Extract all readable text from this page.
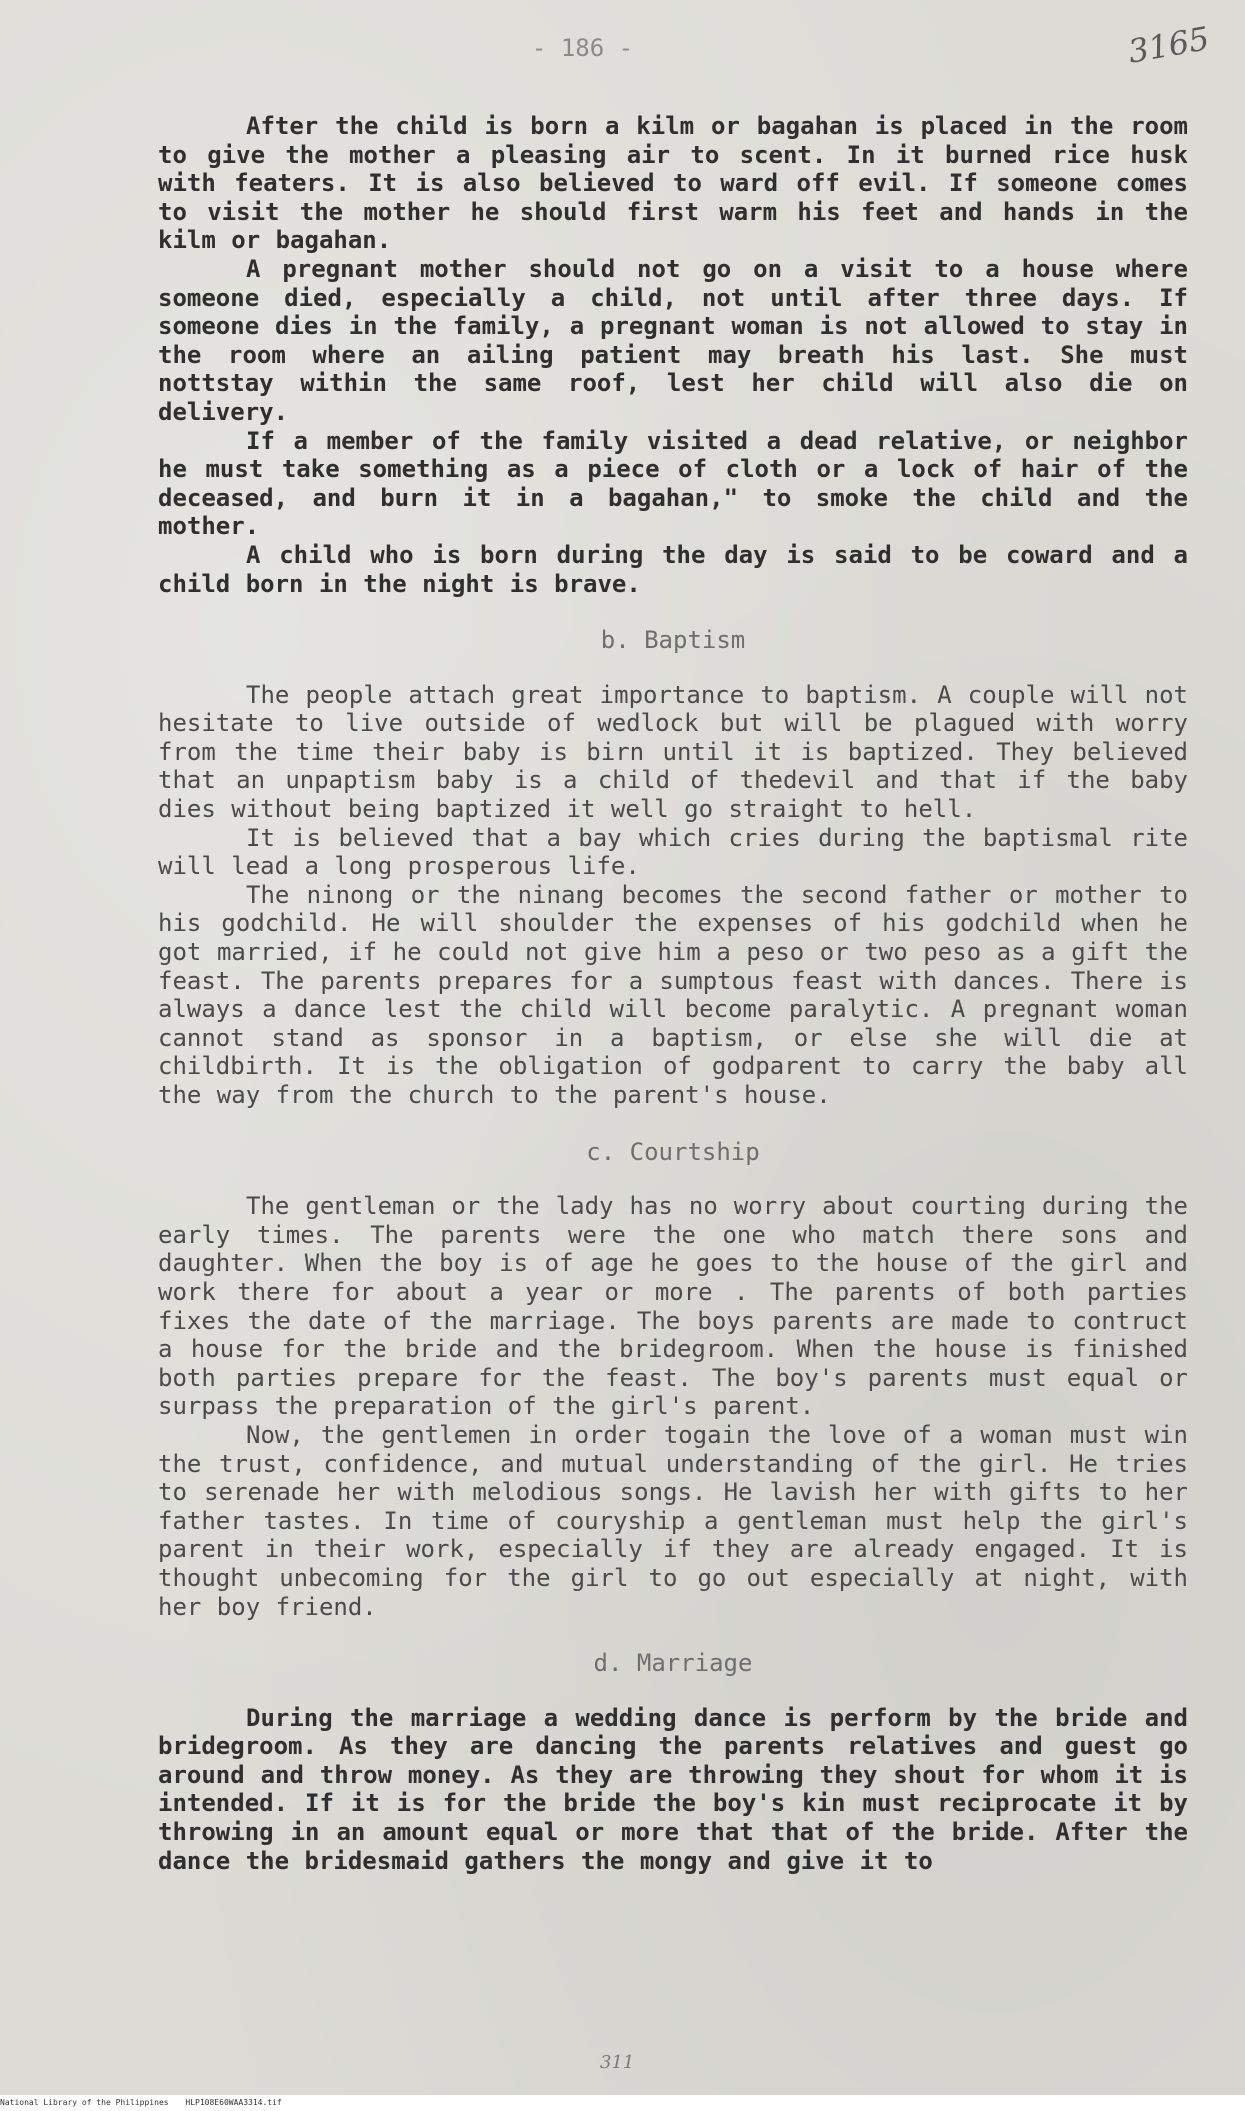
- 186 -	3165

After the child is born a kilm or bagahan is placed in the room to give the mother a pleasing air to scent. In it burned rice husk with featers. It is also believed to ward off evil. If someone comes to visit the mother he should first warm his feet and hands in the kilm or bagahan.

A pregnant mother should not go on a visit to a house where someone died, especially a child, not until after three days. If someone dies in the family, a pregnant woman is not allowed to stay in the room where an ailing patient may breath his last. She must nottstay within the same roof, lest her child will also die on delivery.

If a member of the family visited a dead relative, or neighbor he must take something as a piece of cloth or a lock of hair of the deceased, and burn it in a bagahan," to smoke the child and the mother.

A child who is born during the day is said to be coward and a child born in the night is brave.

b. Baptism

The people attach great importance to baptism. A couple will not hesitate to live outside of wedlock but will be plagued with worry from the time their baby is birn until it is baptized. They believed that an unpaptism baby is a child of thedevil and that if the baby dies without being baptized it well go straight to hell.

It is believed that a bay which cries during the baptismal rite will lead a long prosperous life.

The ninong or the ninang becomes the second father or mother to his godchild. He will shoulder the expenses of his godchild when he got married, if he could not give him a peso or two peso as a gift the feast. The parents prepares for a sumptous feast with dances. There is always a dance lest the child will become paralytic. A pregnant woman cannot stand as sponsor in a baptism, or else she will die at childbirth. It is the obligation of godparent to carry the baby all the way from the church to the parent's house.

c. Courtship

The gentleman or the lady has no worry about courting during the early times. The parents were the one who match there sons and daughter. When the boy is of age he goes to the house of the girl and work there for about a year or more . The parents of both parties fixes the date of the marriage. The boys parents are made to contruct a house for the bride and the bridegroom. When the house is finished both parties prepare for the feast. The boy's parents must equal or surpass the preparation of the girl's parent.

Now, the gentlemen in order togain the love of a woman must win the trust, confidence, and mutual understanding of the girl. He tries to serenade her with melodious songs. He lavish her with gifts to her father tastes. In time of couryship a gentleman must help the girl's parent in their work, especially if they are already engaged. It is thought unbecoming for the girl to go out especially at night, with her boy friend.

d. Marriage

During the marriage a wedding dance is perform by the bride and bridegroom. As they are dancing the parents relatives and guest go around and throw money. As they are throwing they shout for whom it is intended. If it is for the bride the boy's kin must reciprocate it by throwing in an amount equal or more that that of the bride. After the dance the bridesmaid gathers the mongy and give it to

311
National Library of the Philippines HLP108E60WAA3314.tif
